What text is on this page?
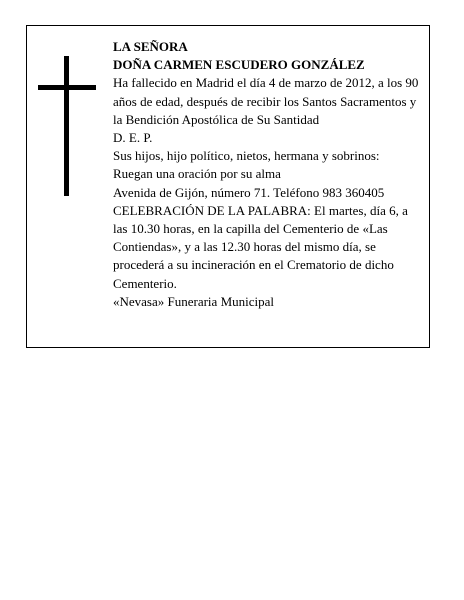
LA SEÑORA
DOÑA CARMEN ESCUDERO GONZÁLEZ
Ha fallecido en Madrid el día 4 de marzo de 2012, a los 90 años de edad, después de recibir los Santos Sacramentos y la Bendición Apostólica de Su Santidad
D. E. P.
Sus hijos, hijo político, nietos, hermana y sobrinos:
Ruegan una oración por su alma
Avenida de Gijón, número 71. Teléfono 983 360405
CELEBRACIÓN DE LA PALABRA: El martes, día 6, a las 10.30 horas, en la capilla del Cementerio de «Las Contiendas», y a las 12.30 horas del mismo día, se procederá a su incineración en el Crematorio de dicho Cementerio.
«Nevasa» Funeraria Municipal
